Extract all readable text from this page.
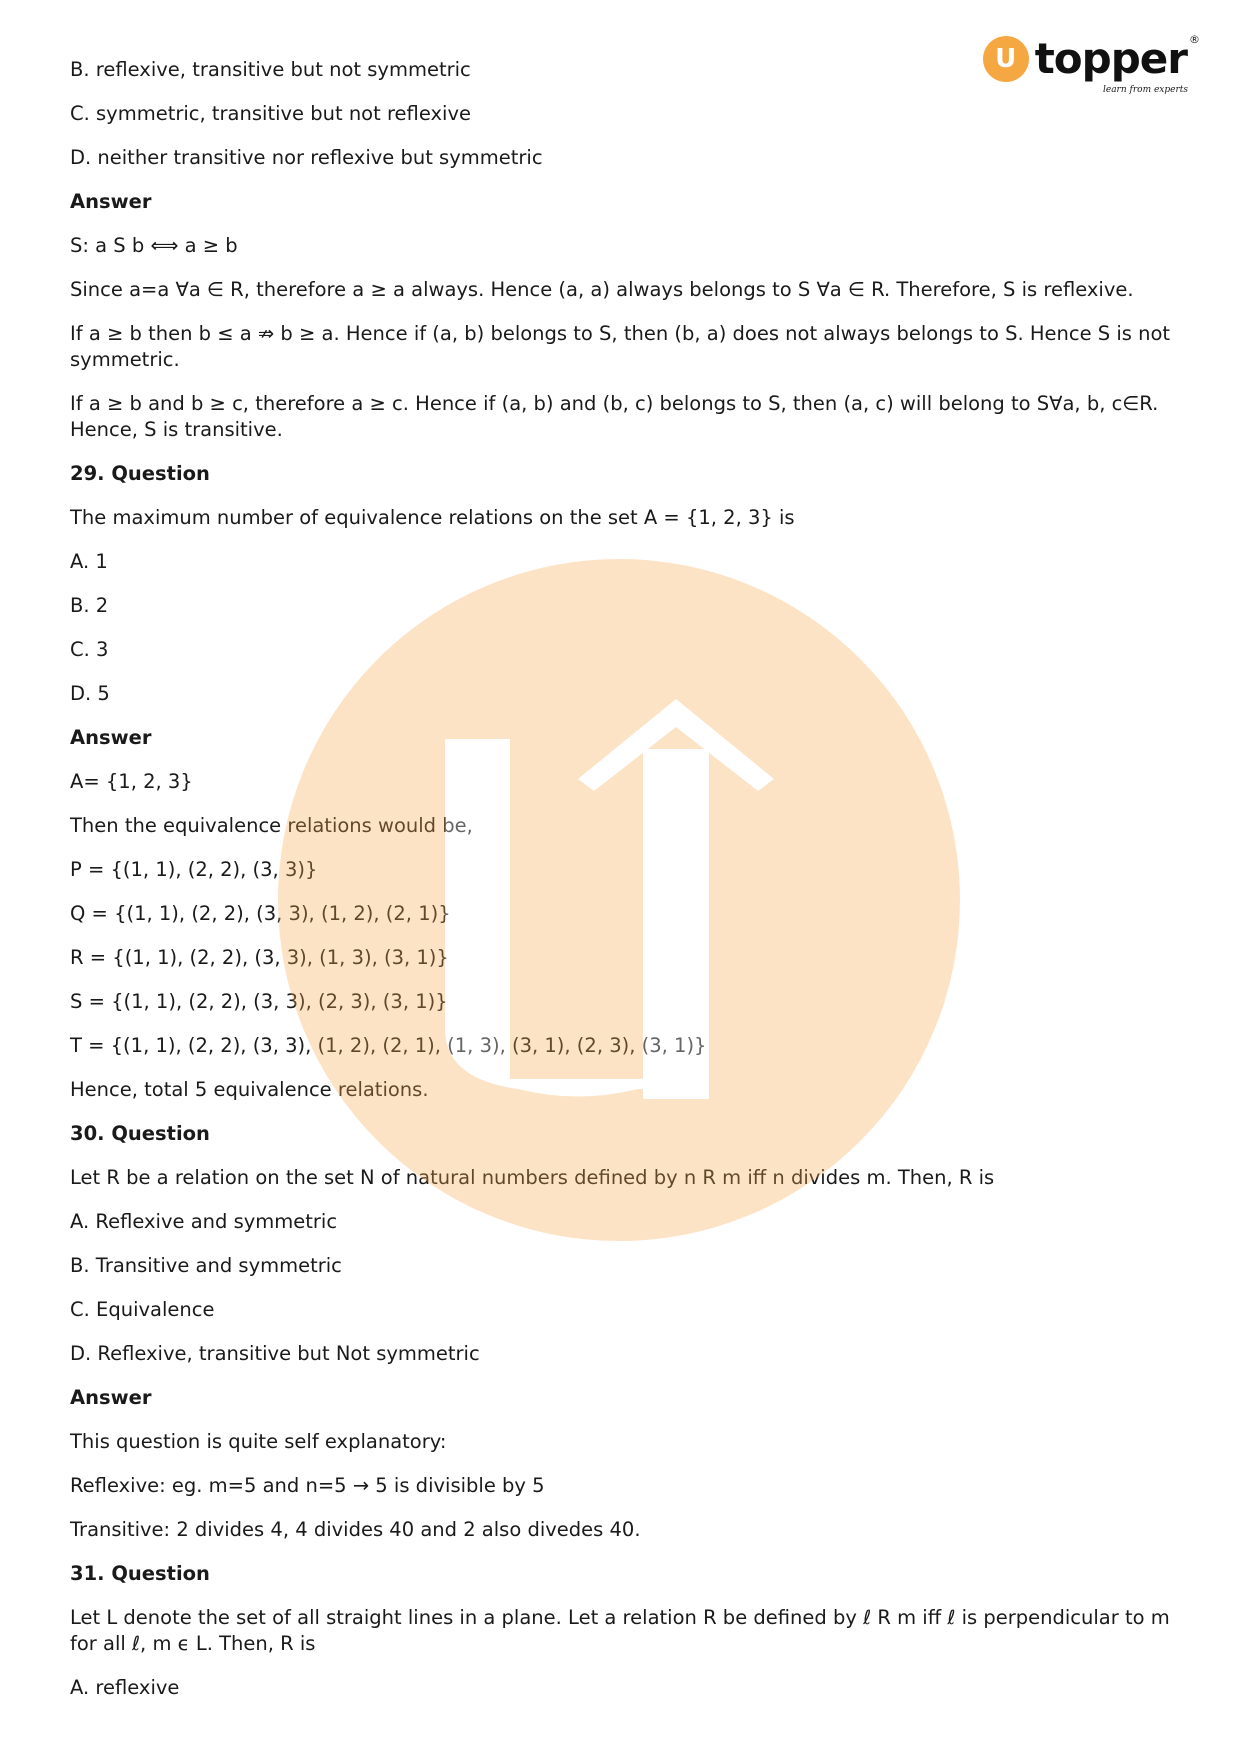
U topper ®
learn from experts

B. reflexive, transitive but not symmetric

C. symmetric, transitive but not reflexive

D. neither transitive nor reflexive but symmetric

Answer

S: a S b ⟺ a ≥ b

Since a=a ∀a ∈ R, therefore a ≥ a always. Hence (a, a) always belongs to S ∀a ∈ R. Therefore, S is reflexive.

If a ≥ b then b ≤ a ⇏ b ≥ a. Hence if (a, b) belongs to S, then (b, a) does not always belongs to S. Hence S is not symmetric.

If a ≥ b and b ≥ c, therefore a ≥ c. Hence if (a, b) and (b, c) belongs to S, then (a, c) will belong to S∀a, b, c∈R. Hence, S is transitive.

29. Question

The maximum number of equivalence relations on the set A = {1, 2, 3} is

A. 1

B. 2

C. 3

D. 5

Answer

A= {1, 2, 3}

Then the equivalence relations would be,

P = {(1, 1), (2, 2), (3, 3)}

Q = {(1, 1), (2, 2), (3, 3), (1, 2), (2, 1)}

R = {(1, 1), (2, 2), (3, 3), (1, 3), (3, 1)}

S = {(1, 1), (2, 2), (3, 3), (2, 3), (3, 1)}

T = {(1, 1), (2, 2), (3, 3), (1, 2), (2, 1), (1, 3), (3, 1), (2, 3), (3, 1)}

Hence, total 5 equivalence relations.

30. Question

Let R be a relation on the set N of natural numbers defined by n R m iff n divides m. Then, R is

A. Reflexive and symmetric

B. Transitive and symmetric

C. Equivalence

D. Reflexive, transitive but Not symmetric

Answer

This question is quite self explanatory:

Reflexive: eg. m=5 and n=5 → 5 is divisible by 5

Transitive: 2 divides 4, 4 divides 40 and 2 also divedes 40.

31. Question

Let L denote the set of all straight lines in a plane. Let a relation R be defined by ℓ R m iff ℓ is perpendicular to m for all ℓ, m ϵ L. Then, R is

A. reflexive
